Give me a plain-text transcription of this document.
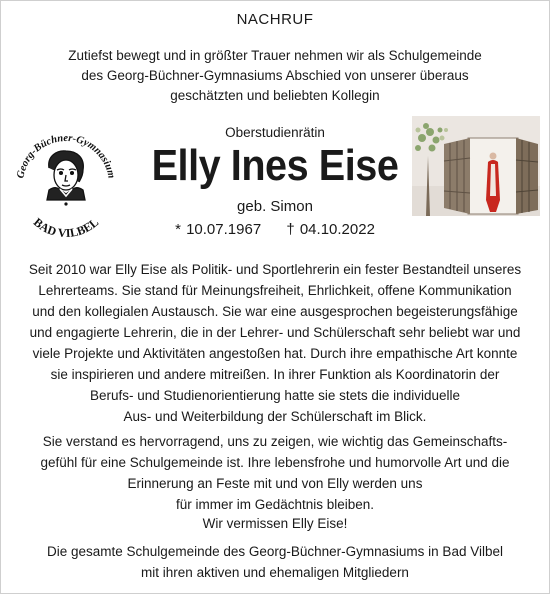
NACHRUF
Zutiefst bewegt und in größter Trauer nehmen wir als Schulgemeinde
des Georg-Büchner-Gymnasiums Abschied von unserer überaus
geschätzten und beliebten Kollegin
Georg-Büchner-Gymnasium
BAD VILBEL
Oberstudienrätin
Elly Ines Eise
geb. Simon
* 10.07.1967 † 04.10.2022
Seit 2010 war Elly Eise als Politik- und Sportlehrerin ein fester Bestandteil unseres
Lehrerteams. Sie stand für Meinungsfreiheit, Ehrlichkeit, offene Kommunikation
und den kollegialen Austausch. Sie war eine ausgesprochen begeisterungsfähige
und engagierte Lehrerin, die in der Lehrer- und Schülerschaft sehr beliebt war und
viele Projekte und Aktivitäten angestoßen hat. Durch ihre empathische Art konnte
sie inspirieren und andere mitreißen. In ihrer Funktion als Koordinatorin der
Berufs- und Studienorientierung hatte sie stets die individuelle
Aus- und Weiterbildung der Schülerschaft im Blick.
Sie verstand es hervorragend, uns zu zeigen, wie wichtig das Gemeinschafts-
gefühl für eine Schulgemeinde ist. Ihre lebensfrohe und humorvolle Art und die
Erinnerung an Feste mit und von Elly werden uns
für immer im Gedächtnis bleiben.
Wir vermissen Elly Eise!
Die gesamte Schulgemeinde des Georg-Büchner-Gymnasiums in Bad Vilbel
mit ihren aktiven und ehemaligen Mitgliedern
